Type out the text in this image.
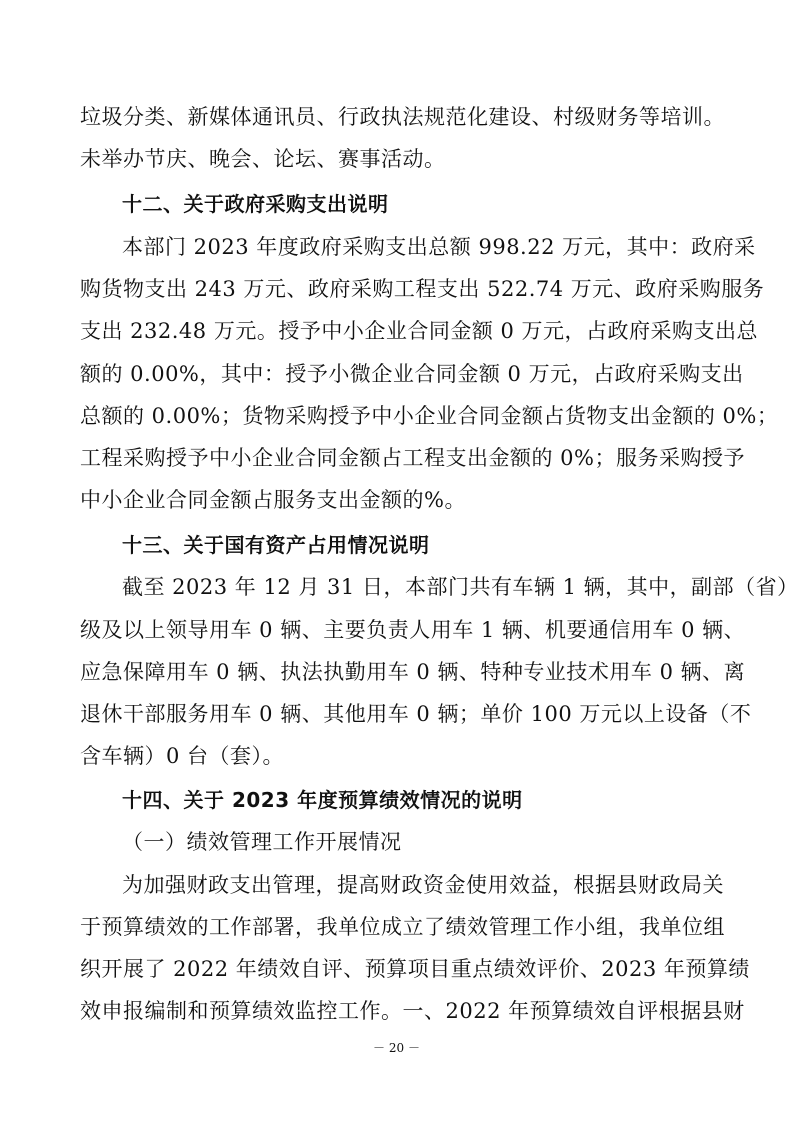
垃圾分类、新媒体通讯员、行政执法规范化建设、村级财务等培训。
未举办节庆、晚会、论坛、赛事活动。
十二、关于政府采购支出说明
本部门 2023 年度政府采购支出总额 998.22 万元，其中：政府采
购货物支出 243 万元、政府采购工程支出 522.74 万元、政府采购服务
支出 232.48 万元。授予中小企业合同金额 0 万元，占政府采购支出总
额的 0.00%，其中：授予小微企业合同金额 0 万元，占政府采购支出
总额的 0.00%；货物采购授予中小企业合同金额占货物支出金额的 0%；
工程采购授予中小企业合同金额占工程支出金额的 0%；服务采购授予
中小企业合同金额占服务支出金额的%。
十三、关于国有资产占用情况说明
截至 2023 年 12 月 31 日，本部门共有车辆 1 辆，其中，副部（省）
级及以上领导用车 0 辆、主要负责人用车 1 辆、机要通信用车 0 辆、
应急保障用车 0 辆、执法执勤用车 0 辆、特种专业技术用车 0 辆、离
退休干部服务用车 0 辆、其他用车 0 辆；单价 100 万元以上设备（不
含车辆）0 台（套）。
十四、关于 2023 年度预算绩效情况的说明
（一）绩效管理工作开展情况
为加强财政支出管理，提高财政资金使用效益，根据县财政局关
于预算绩效的工作部署，我单位成立了绩效管理工作小组，我单位组
织开展了 2022 年绩效自评、预算项目重点绩效评价、2023 年预算绩
效申报编制和预算绩效监控工作。一、2022 年预算绩效自评根据县财
－ 20 －
